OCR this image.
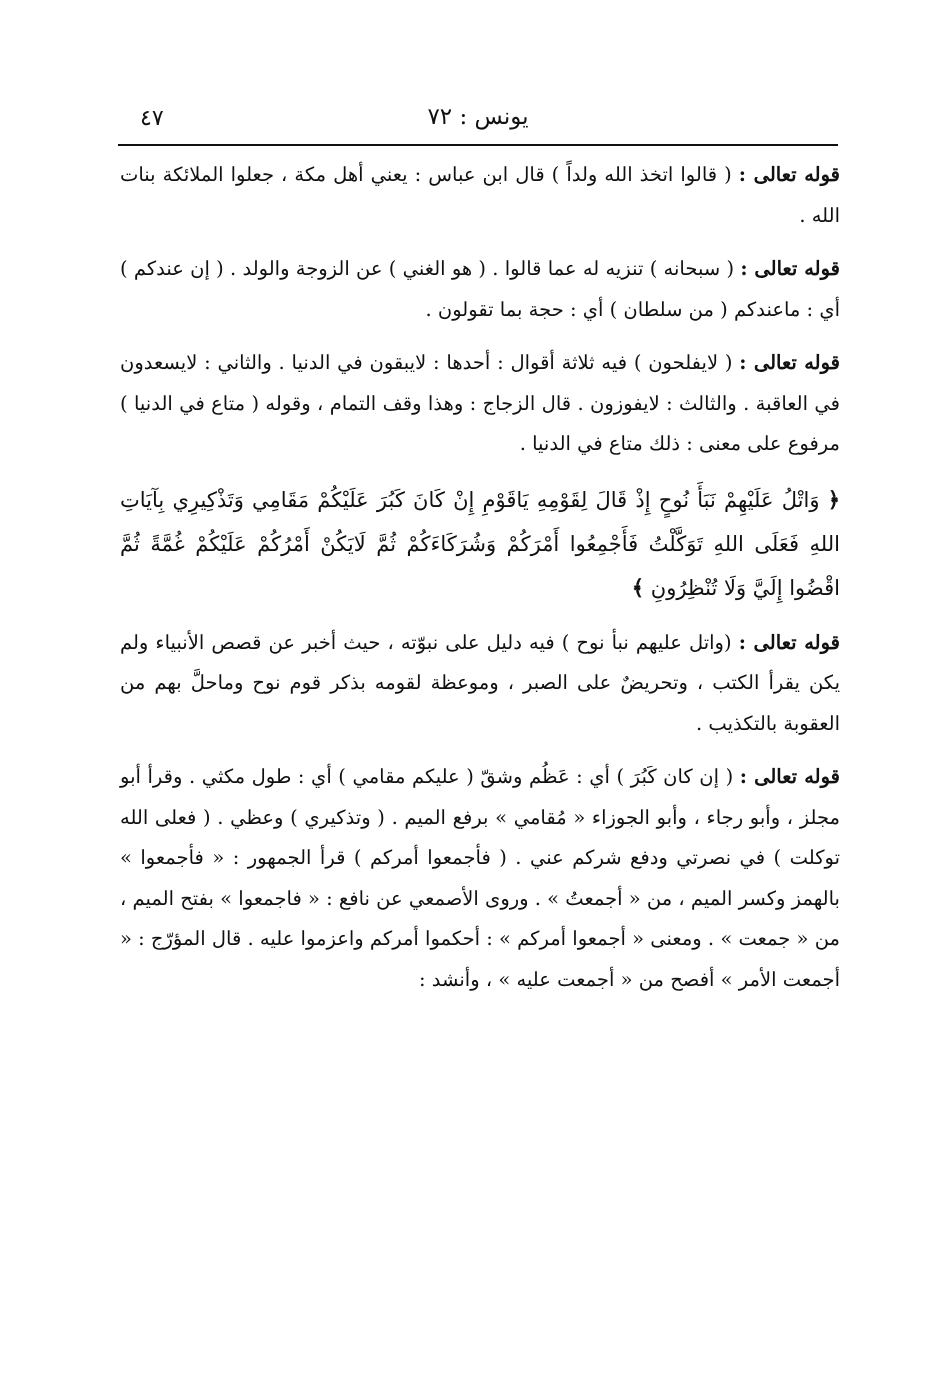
٤٧	يونس : ٧٢

قوله تعالى : ( قالوا اتخذ الله ولداً ) قال ابن عباس : يعني أهل مكة ، جعلوا الملائكة بنات الله .

قوله تعالى : ( سبحانه ) تنزيه له عما قالوا . ( هو الغني ) عن الزوجة والولد . ( إن عندكم ) أي : ماعندكم ( من سلطان ) أي : حجة بما تقولون .

قوله تعالى : ( لايفلحون ) فيه ثلاثة أقوال : أحدها : لايبقون في الدنيا . والثاني : لايسعدون في العاقبة . والثالث : لايفوزون . قال الزجاج : وهذا وقف التمام ، وقوله ( متاع في الدنيا ) مرفوع على معنى : ذلك متاع في الدنيا .

﴿ وَاتْلُ عَلَيْهِمْ نَبَأَ نُوحٍ إِذْ قَالَ لِقَوْمِهِ يَاقَوْمِ إِنْ كَانَ كَبُرَ عَلَيْكُمْ مَقَامِي وَتَذْكِيرِي بِآيَاتِ اللهِ فَعَلَى اللهِ تَوَكَّلْتُ فَأَجْمِعُوا أَمْرَكُمْ وَشُرَكَاءَكُمْ ثُمَّ لَايَكُنْ أَمْرُكُمْ عَلَيْكُمْ غُمَّةً ثُمَّ اقْضُوا إِلَيَّ وَلَا تُنْظِرُونِ ﴾

قوله تعالى : (واتل عليهم نبأ نوح ) فيه دليل على نبوّته ، حيث أخبر عن قصص الأنبياء ولم يكن يقرأ الكتب ، وتحريضٌ على الصبر ، وموعظة لقومه بذكر قوم نوح وماحلَّ بهم من العقوبة بالتكذيب .

قوله تعالى : ( إن كان كَبُرَ ) أي : عَظُم وشقّ ( عليكم مقامي ) أي : طول مكثي . وقرأ أبو مجلز ، وأبو رجاء ، وأبو الجوزاء « مُقامي » برفع الميم . ( وتذكيري ) وعظي . ( فعلى الله توكلت ) في نصرتي ودفع شركم عني . ( فأجمعوا أمركم ) قرأ الجمهور : « فأجمعوا » بالهمز وكسر الميم ، من « أجمعتُ » . وروى الأصمعي عن نافع : « فاجمعوا » بفتح الميم ، من « جمعت » . ومعنى « أجمعوا أمركم » : أحكموا أمركم واعزموا عليه . قال المؤرّج : « أجمعت الأمر » أفصح من « أجمعت عليه » ، وأنشد :
